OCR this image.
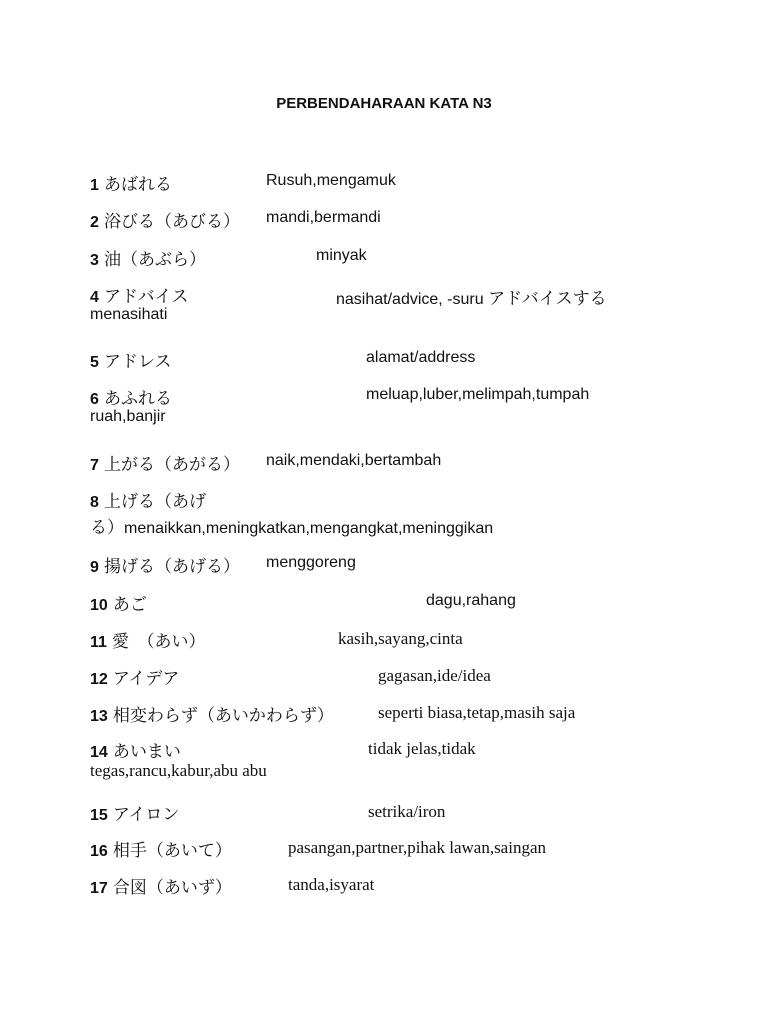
PERBENDAHARAAN KATA N3
1 あばれる	Rusuh,mengamuk
2 浴びる（あびる） mandi,bermandi
3 油（あぶら）	minyak
4 アドバイス	nasihat/advice, -suru アドバイスする
menasihati
5 アドレス	alamat/address
6 あふれる	meluap,luber,melimpah,tumpah
ruah,banjir
7 上がる（あがる） naik,mendaki,bertambah
8 上げる（あげ
る）menaikkan,meningkatkan,mengangkat,meninggikan
9 揚げる（あげる） menggoreng
10 あご	dagu,rahang
11 愛　（あい）	kasih,sayang,cinta
12 アイデア	gagasan,ide/idea
13 相変わらず（あいかわらず）	seperti biasa,tetap,masih saja
14 あいまい	tidak jelas,tidak
tegas,rancu,kabur,abu abu
15 アイロン	setrika/iron
16 相手（あいて）	pasangan,partner,pihak lawan,saingan
17 合図（あいず）	tanda,isyarat
